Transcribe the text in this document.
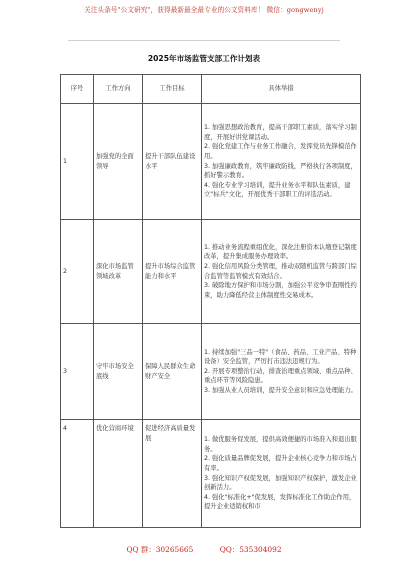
关注头条号"公文研究"，获得最新最全最专业的公文资料库！ 微信：gongwenyj
2025年市场监管支部工作计划表
序号	工作方向	工作目标	具体举措
1	加强党的全面领导	提升干部队伍建设水平	1. 加强思想政治教育，提高干部职工素质，落实学习制度，开展好讲党课活动。
2. 强化党建工作与业务工作融合，发挥党员先锋模范作用。
3. 加强廉政教育，筑牢廉政防线，严格执行各项制度，抓好警示教育。
4. 强化专业学习培训，提升业务水平和队伍素质，建立"标兵"文化，开展优秀干部职工的评选活动。

2	深化市场监管领域改革	提升市场综合监管能力和水平	1. 推动业务流程重组优化，深化注册资本认缴登记制度改革，提升集成服务办理效率。
2. 强化信用风险分类管理，推动双随机监管与跨部门综合监管等监管模式有效结合。
3. 破除地方保护和市场分割，加强公平竞争审查刚性约束，助力降低经营主体制度性交易成本。

3	守牢市场安全底线	保障人民群众生命财产安全	1. 持续加强"三品一特"（食品、药品、工业产品、特种设备）安全监管，严厉打击违法违规行为。
2. 开展专项整治行动，排查治理重点领域、重点品种、重点环节等风险隐患。
3. 加强从业人员培训，提升安全意识和应急处理能力。

4	优化营商环境	促进经济高质量发展	1. 做优服务促发展，提供高效便捷的市场准入和退出服务。
2. 强化质量品牌促发展，提升企业核心竞争力和市场占有率。
3. 强化知识产权促发展，加强知识产权保护，激发企业创新活力。
4. 强化"标准化+"促发展，发挥标准化工作助企作用，提升企业适销权和市
QQ 群：30265665	QQ：535304092
